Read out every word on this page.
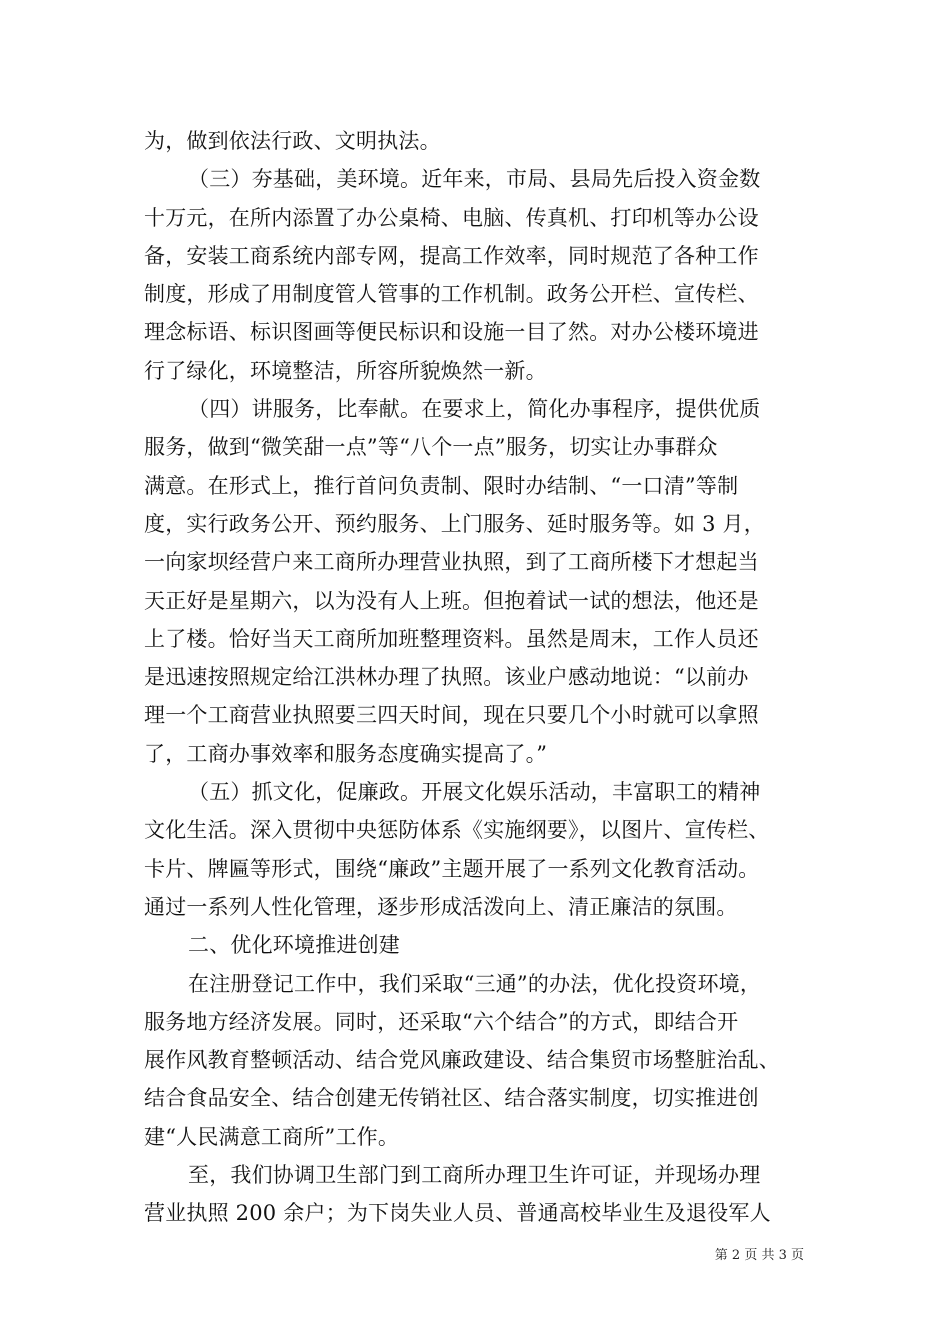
为，做到依法行政、文明执法。
（三）夯基础，美环境。近年来，市局、县局先后投入资金数
十万元，在所内添置了办公桌椅、电脑、传真机、打印机等办公设
备，安装工商系统内部专网，提高工作效率，同时规范了各种工作
制度，形成了用制度管人管事的工作机制。政务公开栏、宣传栏、
理念标语、标识图画等便民标识和设施一目了然。对办公楼环境进
行了绿化，环境整洁，所容所貌焕然一新。
（四）讲服务，比奉献。在要求上，简化办事程序，提供优质
服务，做到“微笑甜一点”等“八个一点”服务，切实让办事群众
满意。在形式上，推行首问负责制、限时办结制、“一口清”等制
度，实行政务公开、预约服务、上门服务、延时服务等。如 3 月，
一向家坝经营户来工商所办理营业执照，到了工商所楼下才想起当
天正好是星期六，以为没有人上班。但抱着试一试的想法，他还是
上了楼。恰好当天工商所加班整理资料。虽然是周末，工作人员还
是迅速按照规定给江洪林办理了执照。该业户感动地说：“以前办
理一个工商营业执照要三四天时间，现在只要几个小时就可以拿照
了，工商办事效率和服务态度确实提高了。”
（五）抓文化，促廉政。开展文化娱乐活动，丰富职工的精神
文化生活。深入贯彻中央惩防体系《实施纲要》，以图片、宣传栏、
卡片、牌匾等形式，围绕“廉政”主题开展了一系列文化教育活动。
通过一系列人性化管理，逐步形成活泼向上、清正廉洁的氛围。
二、优化环境推进创建
在注册登记工作中，我们采取“三通”的办法，优化投资环境，
服务地方经济发展。同时，还采取“六个结合”的方式，即结合开
展作风教育整顿活动、结合党风廉政建设、结合集贸市场整脏治乱、
结合食品安全、结合创建无传销社区、结合落实制度，切实推进创
建“人民满意工商所”工作。
至，我们协调卫生部门到工商所办理卫生许可证，并现场办理
营业执照 200 余户；为下岗失业人员、普通高校毕业生及退役军人
第 2 页 共 3 页
